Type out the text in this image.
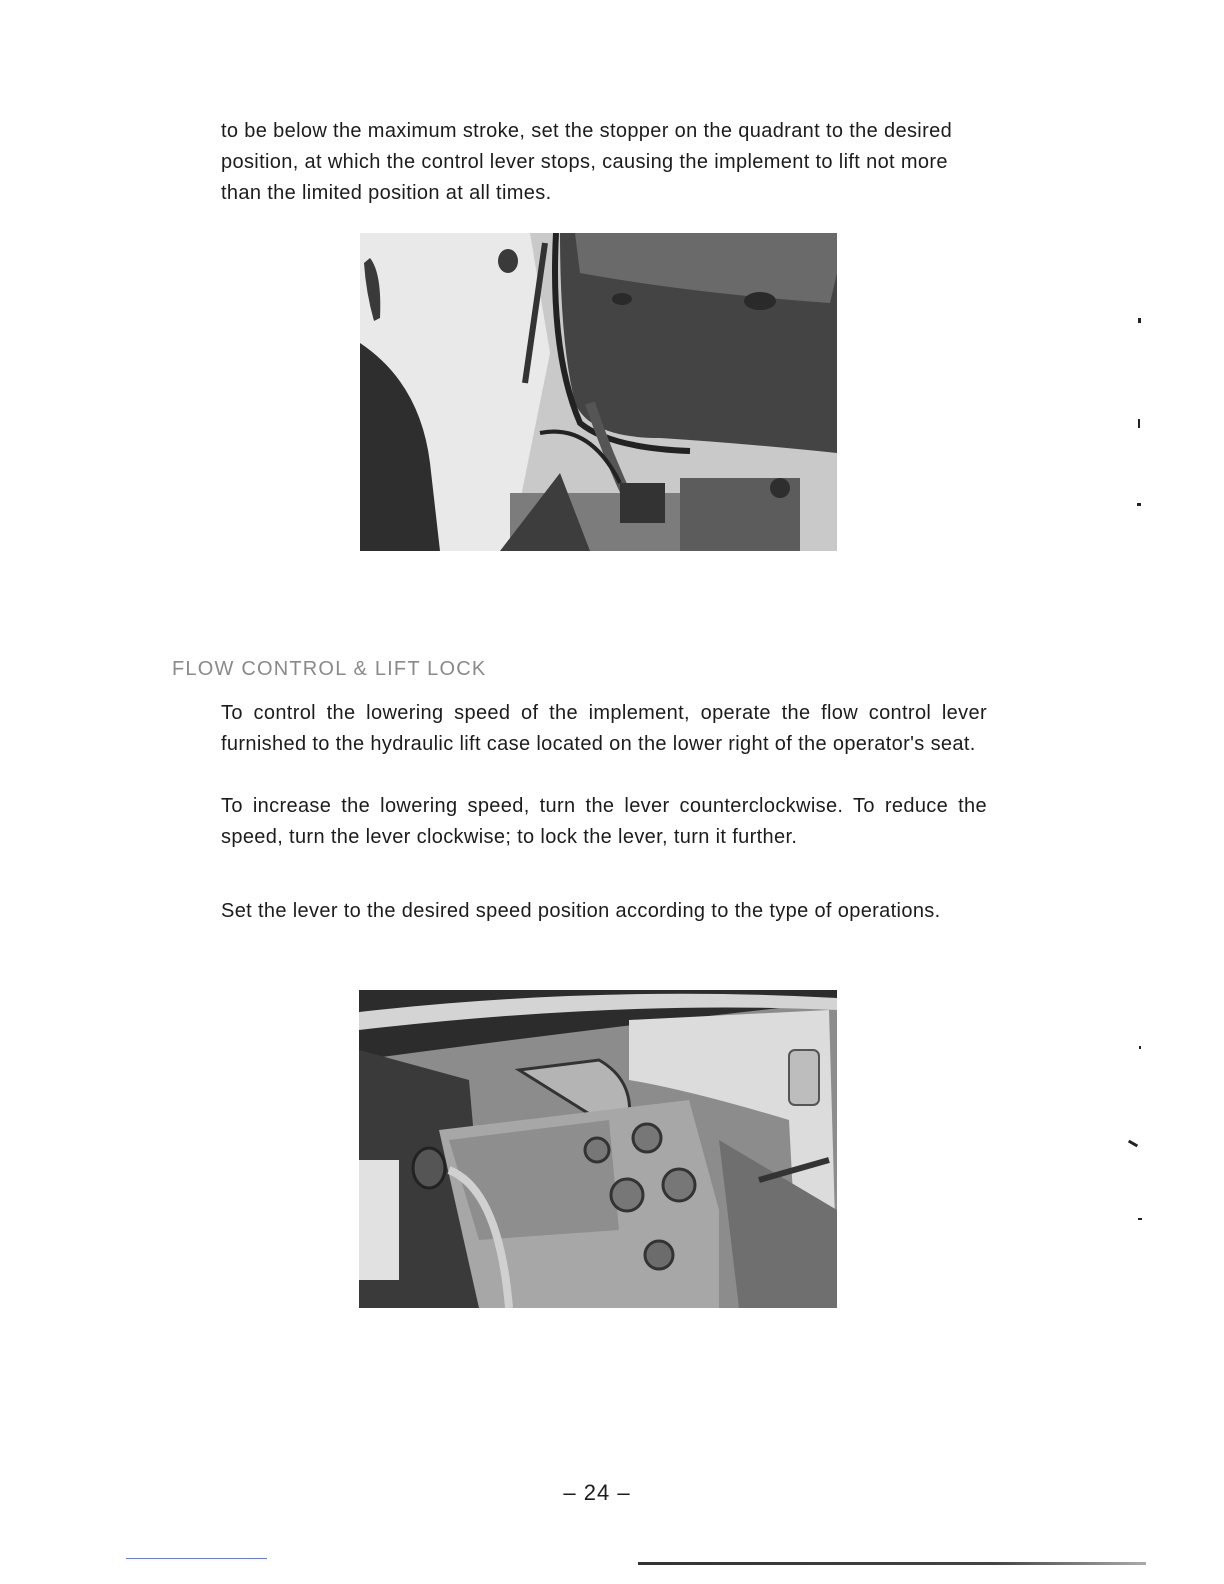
to be below the maximum stroke, set the stopper on the quadrant to the desired position, at which the control lever stops, causing the implement to lift not more than the limited position at all times.

FLOW CONTROL & LIFT LOCK

To control the lowering speed of the implement, operate the flow control lever furnished to the hydraulic lift case located on the lower right of the operator's seat.

To increase the lowering speed, turn the lever counterclockwise. To reduce the speed, turn the lever clockwise; to lock the lever, turn it further.

Set the lever to the desired speed position according to the type of operations.

– 24 –
